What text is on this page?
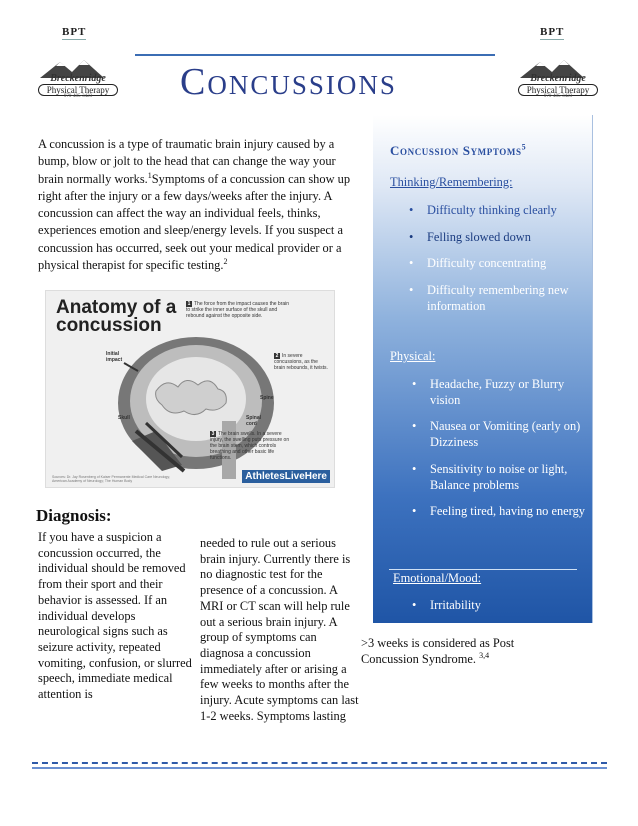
BPT	BPT
Breckenridge
Physical Therapy
970-485-3423
Breckenridge
Physical Therapy
970-485-3423
Concussions
A concussion is a type of traumatic brain injury caused by a bump, blow or jolt to the head that can change the way your brain normally works.$^1$Symptoms of a concussion can show up right after the injury or a few days/weeks after the injury. A concussion can affect the way an individual feels, thinks, experiences emotion and sleep/energy levels. If you suspect a concussion has occurred, seek out your medical provider or a physical therapist for specific testing.$^2$
Anatomy of a concussion
1 The force from the impact causes the brain to strike the inner surface of the skull and rebound against the opposite side.
2 In severe concussions, as the brain rebounds, it twists.
3 The brain swells. In a severe injury, the swelling puts pressure on the brain stem, which controls breathing and other basic life functions.
Initial impact
Skull
Spine
Spinal cord
Sources: Dr. Jay Rosenberg of Kaiser Permanente Medical Care Neurology; American Academy of Neurology; The Human Body	AthletesLiveHere
Diagnosis:
If you have a suspicion a concussion occurred, the individual should be removed from their sport and their behavior is assessed. If an individual develops neurological signs such as seizure activity, repeated vomiting, confusion, or slurred speech, immediate medical attention is
needed to rule out a serious brain injury. Currently there is no diagnostic test for the presence of a concussion. A MRI or CT scan will help rule out a serious brain injury. A group of symptoms can diagnosa a concussion immediately after or arising a few weeks to months after the injury. Acute symptoms can last 1-2 weeks. Symptoms lasting
>3 weeks is considered as Post Concussion Syndrome. $^{3,4}$
Concussion Symptoms$^5$
Thinking/Remembering:
• Difficulty thinking clearly
• Felling slowed down
• Difficulty concentrating
• Difficulty remembering new information
Physical:
• Headache, Fuzzy or Blurry vision
• Nausea or Vomiting (early on) Dizziness
• Sensitivity to noise or light, Balance problems
• Feeling tired, having no energy
Emotional/Mood:
• Irritability
